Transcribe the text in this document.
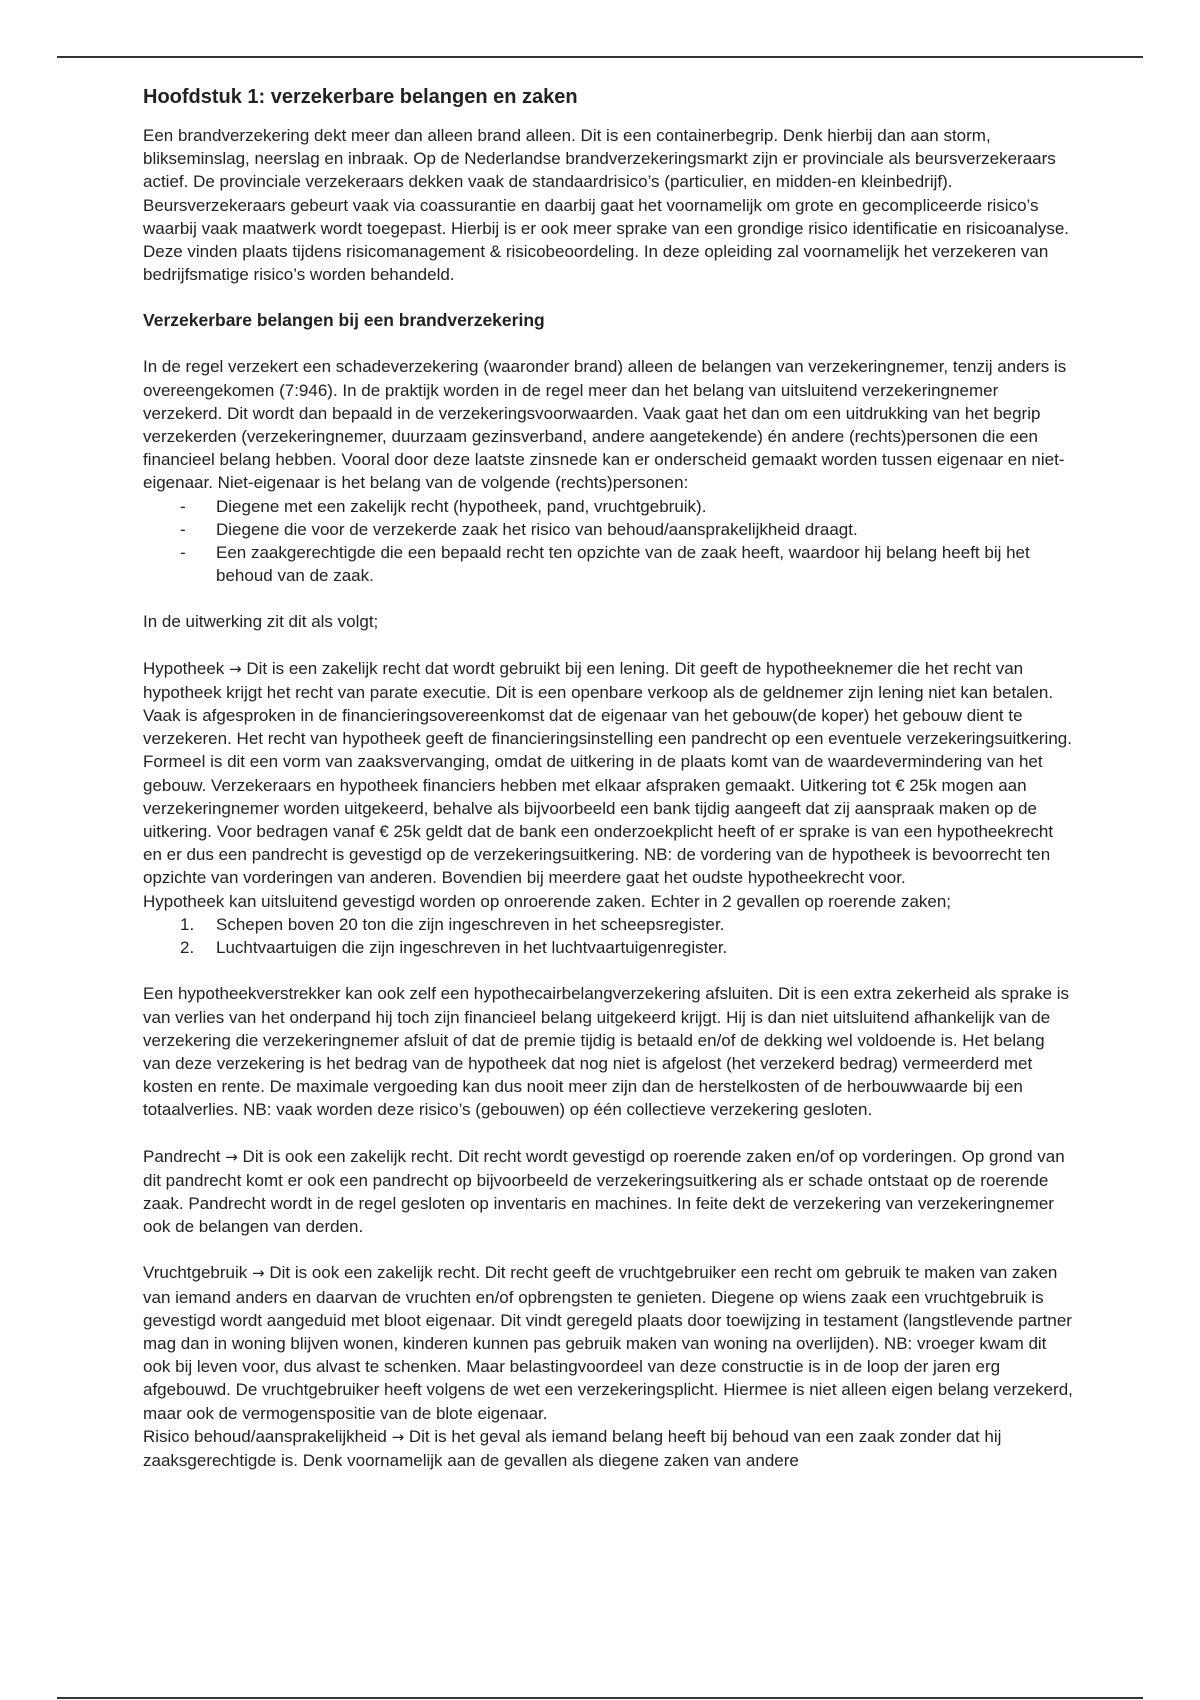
Hoofdstuk 1: verzekerbare belangen en zaken

Een brandverzekering dekt meer dan alleen brand alleen. Dit is een containerbegrip. Denk hierbij dan aan storm, blikseminslag, neerslag en inbraak. Op de Nederlandse brandverzekeringsmarkt zijn er provinciale als beursverzekeraars actief. De provinciale verzekeraars dekken vaak de standaardrisico’s (particulier, en midden-en kleinbedrijf). Beursverzekeraars gebeurt vaak via coassurantie en daarbij gaat het voornamelijk om grote en gecompliceerde risico’s waarbij vaak maatwerk wordt toegepast. Hierbij is er ook meer sprake van een grondige risico identificatie en risicoanalyse. Deze vinden plaats tijdens risicomanagement & risicobeoordeling. In deze opleiding zal voornamelijk het verzekeren van bedrijfsmatige risico’s worden behandeld.

Verzekerbare belangen bij een brandverzekering

In de regel verzekert een schadeverzekering (waaronder brand) alleen de belangen van verzekeringnemer, tenzij anders is overeengekomen (7:946). In de praktijk worden in de regel meer dan het belang van uitsluitend verzekeringnemer verzekerd. Dit wordt dan bepaald in de verzekeringsvoorwaarden. Vaak gaat het dan om een uitdrukking van het begrip verzekerden (verzekeringnemer, duurzaam gezinsverband, andere aangetekende) én andere (rechts)personen die een financieel belang hebben. Vooral door deze laatste zinsnede kan er onderscheid gemaakt worden tussen eigenaar en niet-eigenaar. Niet-eigenaar is het belang van de volgende (rechts)personen:

- Diegene met een zakelijk recht (hypotheek, pand, vruchtgebruik).
- Diegene die voor de verzekerde zaak het risico van behoud/aansprakelijkheid draagt.
- Een zaakgerechtigde die een bepaald recht ten opzichte van de zaak heeft, waardoor hij belang heeft bij het behoud van de zaak.

In de uitwerking zit dit als volgt;

Hypotheek → Dit is een zakelijk recht dat wordt gebruikt bij een lening. Dit geeft de hypotheeknemer die het recht van hypotheek krijgt het recht van parate executie. Dit is een openbare verkoop als de geldnemer zijn lening niet kan betalen. Vaak is afgesproken in de financieringsovereenkomst dat de eigenaar van het gebouw(de koper) het gebouw dient te verzekeren. Het recht van hypotheek geeft de financieringsinstelling een pandrecht op een eventuele verzekeringsuitkering. Formeel is dit een vorm van zaaksvervanging, omdat de uitkering in de plaats komt van de waardevermindering van het gebouw. Verzekeraars en hypotheek financiers hebben met elkaar afspraken gemaakt. Uitkering tot € 25k mogen aan verzekeringnemer worden uitgekeerd, behalve als bijvoorbeeld een bank tijdig aangeeft dat zij aanspraak maken op de uitkering. Voor bedragen vanaf € 25k geldt dat de bank een onderzoekplicht heeft of er sprake is van een hypotheekrecht en er dus een pandrecht is gevestigd op de verzekeringsuitkering. NB: de vordering van de hypotheek is bevoorrecht ten opzichte van vorderingen van anderen. Bovendien bij meerdere gaat het oudste hypotheekrecht voor.

Hypotheek kan uitsluitend gevestigd worden op onroerende zaken. Echter in 2 gevallen op roerende zaken;

1. Schepen boven 20 ton die zijn ingeschreven in het scheepsregister.
2. Luchtvaartuigen die zijn ingeschreven in het luchtvaartuigenregister.

Een hypotheekverstrekker kan ook zelf een hypothecairbelangverzekering afsluiten. Dit is een extra zekerheid als sprake is van verlies van het onderpand hij toch zijn financieel belang uitgekeerd krijgt. Hij is dan niet uitsluitend afhankelijk van de verzekering die verzekeringnemer afsluit of dat de premie tijdig is betaald en/of de dekking wel voldoende is. Het belang van deze verzekering is het bedrag van de hypotheek dat nog niet is afgelost (het verzekerd bedrag) vermeerderd met kosten en rente. De maximale vergoeding kan dus nooit meer zijn dan de herstelkosten of de herbouwwaarde bij een totaalverlies. NB: vaak worden deze risico’s (gebouwen) op één collectieve verzekering gesloten.

Pandrecht → Dit is ook een zakelijk recht. Dit recht wordt gevestigd op roerende zaken en/of op vorderingen. Op grond van dit pandrecht komt er ook een pandrecht op bijvoorbeeld de verzekeringsuitkering als er schade ontstaat op de roerende zaak. Pandrecht wordt in de regel gesloten op inventaris en machines. In feite dekt de verzekering van verzekeringnemer ook de belangen van derden.

Vruchtgebruik → Dit is ook een zakelijk recht. Dit recht geeft de vruchtgebruiker een recht om gebruik te maken van zaken van iemand anders en daarvan de vruchten en/of opbrengsten te genieten. Diegene op wiens zaak een vruchtgebruik is gevestigd wordt aangeduid met bloot eigenaar. Dit vindt geregeld plaats door toewijzing in testament (langstlevende partner mag dan in woning blijven wonen, kinderen kunnen pas gebruik maken van woning na overlijden). NB: vroeger kwam dit ook bij leven voor, dus alvast te schenken. Maar belastingvoordeel van deze constructie is in de loop der jaren erg afgebouwd. De vruchtgebruiker heeft volgens de wet een verzekeringsplicht. Hiermee is niet alleen eigen belang verzekerd, maar ook de vermogenspositie van de blote eigenaar.

Risico behoud/aansprakelijkheid → Dit is het geval als iemand belang heeft bij behoud van een zaak zonder dat hij zaaksgerechtigde is. Denk voornamelijk aan de gevallen als diegene zaken van andere
